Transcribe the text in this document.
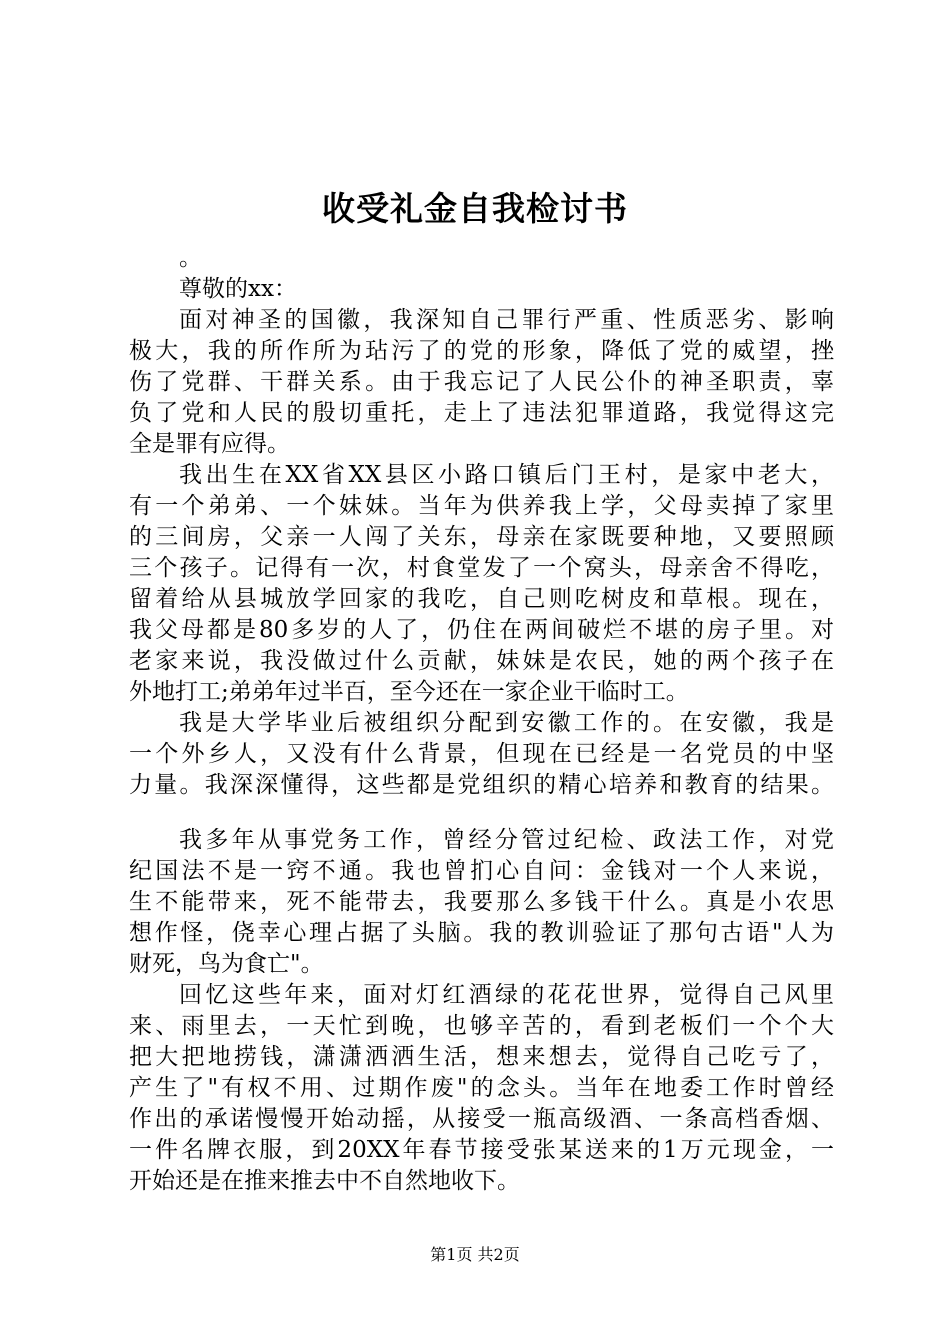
收受礼金自我检讨书
。
尊敬的xx：
面对神圣的国徽，我深知自己罪行严重、性质恶劣、影响
极大，我的所作所为玷污了的党的形象，降低了党的威望，挫
伤了党群、干群关系。由于我忘记了人民公仆的神圣职责，辜
负了党和人民的殷切重托，走上了违法犯罪道路，我觉得这完
全是罪有应得。
我出生在XX省XX县区小路口镇后门王村，是家中老大，
有一个弟弟、一个妹妹。当年为供养我上学，父母卖掉了家里
的三间房，父亲一人闯了关东，母亲在家既要种地，又要照顾
三个孩子。记得有一次，村食堂发了一个窝头，母亲舍不得吃，
留着给从县城放学回家的我吃，自己则吃树皮和草根。现在，
我父母都是80多岁的人了，仍住在两间破烂不堪的房子里。对
老家来说，我没做过什么贡献，妹妹是农民，她的两个孩子在
外地打工;弟弟年过半百，至今还在一家企业干临时工。
我是大学毕业后被组织分配到安徽工作的。在安徽，我是
一个外乡人，又没有什么背景，但现在已经是一名党员的中坚
力量。我深深懂得，这些都是党组织的精心培养和教育的结果。
我多年从事党务工作，曾经分管过纪检、政法工作，对党
纪国法不是一窍不通。我也曾扪心自问：金钱对一个人来说，
生不能带来，死不能带去，我要那么多钱干什么。真是小农思
想作怪，侥幸心理占据了头脑。我的教训验证了那句古语"人为
财死，鸟为食亡"。
回忆这些年来，面对灯红酒绿的花花世界，觉得自己风里
来、雨里去，一天忙到晚，也够辛苦的，看到老板们一个个大
把大把地捞钱，潇潇洒洒生活，想来想去，觉得自己吃亏了，
产生了"有权不用、过期作废"的念头。当年在地委工作时曾经
作出的承诺慢慢开始动摇，从接受一瓶高级酒、一条高档香烟、
一件名牌衣服，到20XX年春节接受张某送来的1万元现金，一
开始还是在推来推去中不自然地收下。
第1页 共2页
